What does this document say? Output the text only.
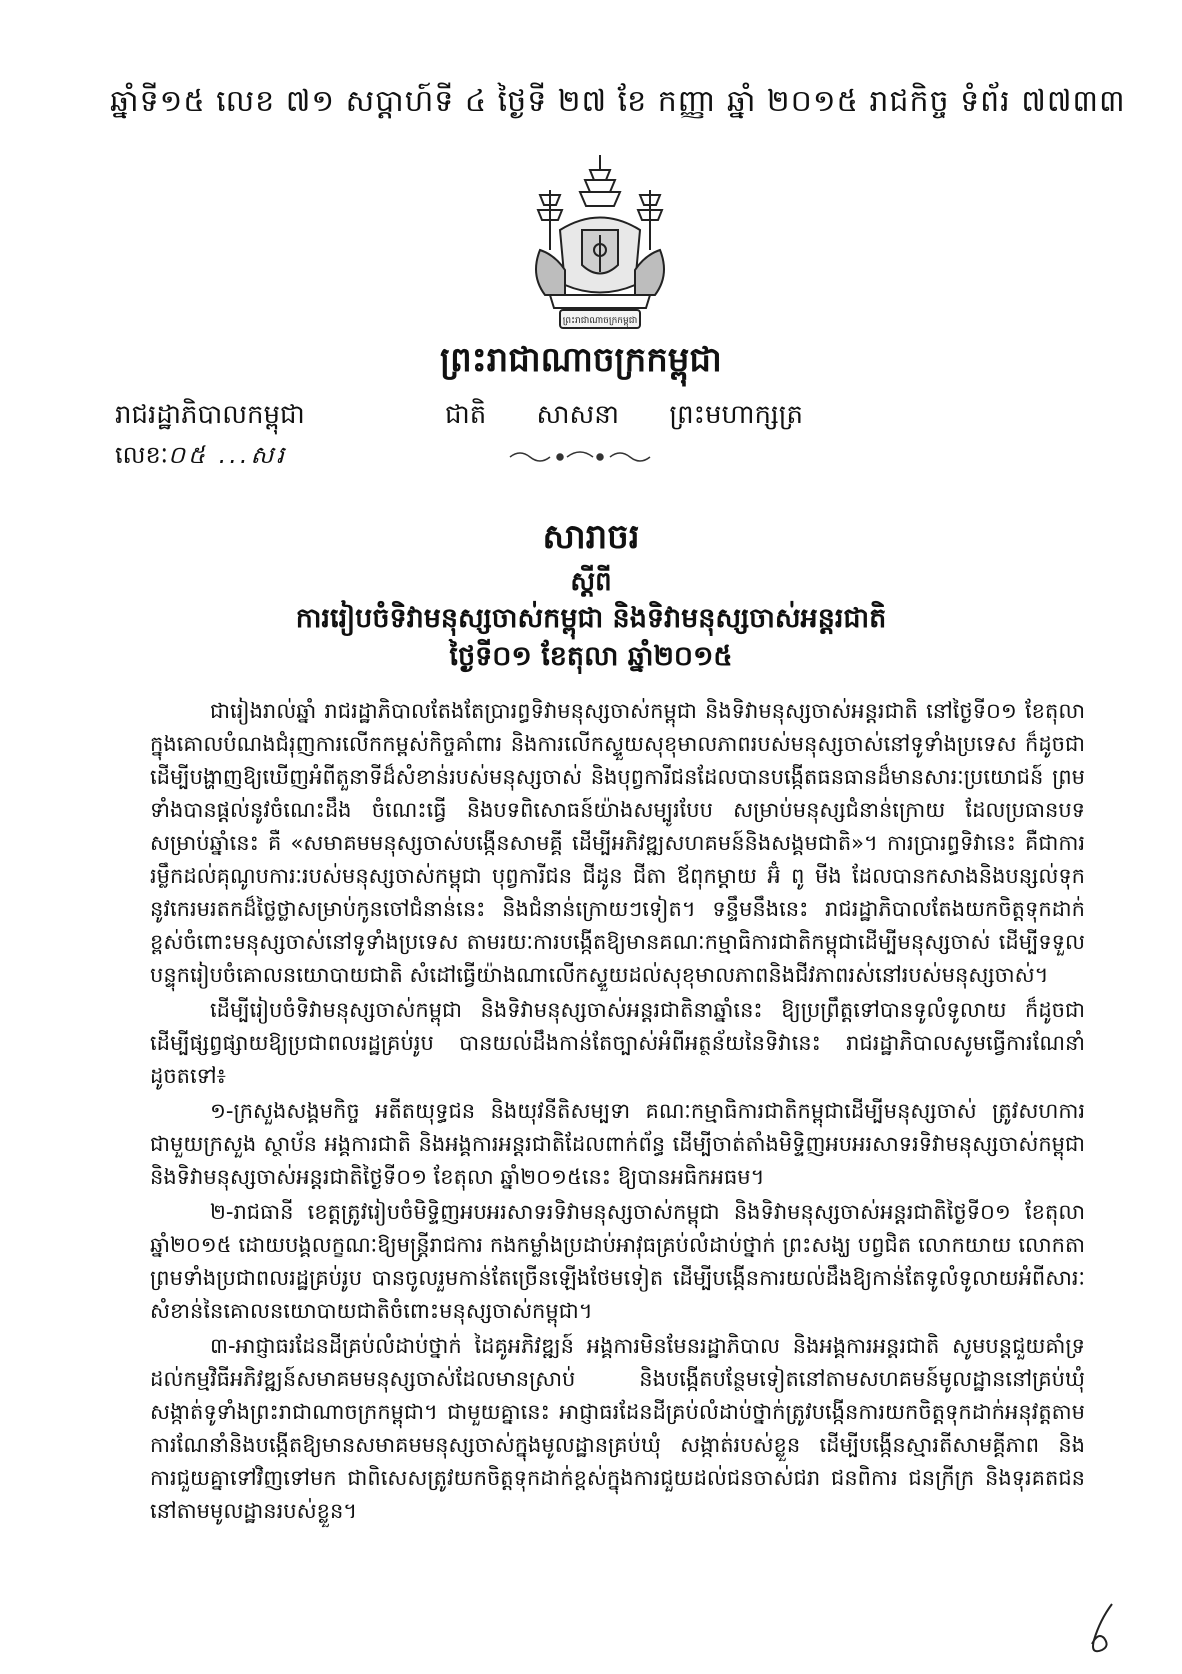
ឆ្នាំទី១៥ លេខ ៧១ សប្តាហ៍ទី ៤ ថ្ងៃទី ២៧ ខែ កញ្ញា ឆ្នាំ ២០១៥ រាជកិច្ច ទំព័រ ៧៧៣៣
ព្រះរាជាណាចក្រកម្ពុជា
ព្រះរាជាណាចក្រកម្ពុជា
ជាតិ សាសនា ព្រះមហាក្សត្រ
រាជរដ្ឋាភិបាលកម្ពុជា
លេខៈ០៥ ...សរ
សារាចរ
ស្តីពី
ការរៀបចំទិវាមនុស្សចាស់កម្ពុជា និងទិវាមនុស្សចាស់អន្តរជាតិ
ថ្ងៃទី០១ ខែតុលា ឆ្នាំ២០១៥

ជារៀងរាល់ឆ្នាំ រាជរដ្ឋាភិបាលតែងតែប្រារព្ធទិវាមនុស្សចាស់កម្ពុជា និងទិវាមនុស្សចាស់អន្តរជាតិ នៅថ្ងៃទី០១ ខែតុលា ក្នុងគោលបំណងជំរុញការលើកកម្ពស់កិច្ចគាំពារ និងការលើកស្ទួយសុខុមាលភាពរបស់មនុស្សចាស់នៅទូទាំងប្រទេស ក៏ដូចជាដើម្បីបង្ហាញឱ្យឃើញអំពីតួនាទីដ៏សំខាន់របស់មនុស្សចាស់ និងបុព្វការីជនដែលបានបង្កើតធនធានដ៏មានសារៈប្រយោជន៍ ព្រមទាំងបានផ្តល់នូវចំណេះដឹង ចំណេះធ្វើ និងបទពិសោធន៍យ៉ាងសម្បូរបែប សម្រាប់មនុស្សជំនាន់ក្រោយ ដែលប្រធានបទសម្រាប់ឆ្នាំនេះ គឺ «សមាគមមនុស្សចាស់បង្កើនសាមគ្គី ដើម្បីអភិវឌ្ឍសហគមន៍និងសង្គមជាតិ»។ ការប្រារព្ធទិវានេះ គឺជាការរម្លឹកដល់គុណូបការៈរបស់មនុស្សចាស់កម្ពុជា បុព្វការីជន ជីដូន ជីតា ឪពុកម្តាយ អ៊ំ ពូ មីង ដែលបានកសាងនិងបន្សល់ទុកនូវកេរមរតកដ៏ថ្លៃថ្លាសម្រាប់កូនចៅជំនាន់នេះ និងជំនាន់ក្រោយៗទៀត។ ទន្ទឹមនឹងនេះ រាជរដ្ឋាភិបាលតែងយកចិត្តទុកដាក់ខ្ពស់ចំពោះមនុស្សចាស់នៅទូទាំងប្រទេស តាមរយៈការបង្កើតឱ្យមានគណៈកម្មាធិការជាតិកម្ពុជាដើម្បីមនុស្សចាស់ ដើម្បីទទួលបន្ទុករៀបចំគោលនយោបាយជាតិ សំដៅធ្វើយ៉ាងណាលើកស្ទួយដល់សុខុមាលភាពនិងជីវភាពរស់នៅរបស់មនុស្សចាស់។

ដើម្បីរៀបចំទិវាមនុស្សចាស់កម្ពុជា និងទិវាមនុស្សចាស់អន្តរជាតិនាឆ្នាំនេះ ឱ្យប្រព្រឹត្តទៅបានទូលំទូលាយ ក៏ដូចជាដើម្បីផ្សព្វផ្សាយឱ្យប្រជាពលរដ្ឋគ្រប់រូប បានយល់ដឹងកាន់តែច្បាស់អំពីអត្ថន័យនៃទិវានេះ រាជរដ្ឋាភិបាលសូមធ្វើការណែនាំដូចតទៅ៖

១-ក្រសួងសង្គមកិច្ច អតីតយុទ្ធជន និងយុវនីតិសម្បទា គណៈកម្មាធិការជាតិកម្ពុជាដើម្បីមនុស្សចាស់ ត្រូវសហការជាមួយក្រសួង ស្ថាប័ន អង្គការជាតិ និងអង្គការអន្តរជាតិដែលពាក់ព័ន្ធ ដើម្បីចាត់តាំងមិទ្ទិញអបអរសាទរទិវាមនុស្សចាស់កម្ពុជា និងទិវាមនុស្សចាស់អន្តរជាតិថ្ងៃទី០១ ខែតុលា ឆ្នាំ២០១៥នេះ ឱ្យបានអធិកអធម។

២-រាជធានី ខេត្តត្រូវរៀបចំមិទ្ទិញអបអរសាទរទិវាមនុស្សចាស់កម្ពុជា និងទិវាមនុស្សចាស់អន្តរជាតិថ្ងៃទី០១ ខែតុលា ឆ្នាំ២០១៥ ដោយបង្គលក្ខណៈឱ្យមន្ត្រីរាជការ កងកម្លាំងប្រដាប់អាវុធគ្រប់លំដាប់ថ្នាក់ ព្រះសង្ឃ បព្វជិត លោកយាយ លោកតា ព្រមទាំងប្រជាពលរដ្ឋគ្រប់រូប បានចូលរួមកាន់តែច្រើនឡើងថែមទៀត ដើម្បីបង្កើនការយល់ដឹងឱ្យកាន់តែទូលំទូលាយអំពីសារៈសំខាន់នៃគោលនយោបាយជាតិចំពោះមនុស្សចាស់កម្ពុជា។

៣-អាជ្ញាធរដែនដីគ្រប់លំដាប់ថ្នាក់ ដៃគូអភិវឌ្ឍន៍ អង្គការមិនមែនរដ្ឋាភិបាល និងអង្គការអន្តរជាតិ សូមបន្តជួយគាំទ្រដល់កម្មវិធីអភិវឌ្ឍន៍សមាគមមនុស្សចាស់ដែលមានស្រាប់ និងបង្កើតបន្ថែមទៀតនៅតាមសហគមន៍មូលដ្ឋាននៅគ្រប់ឃុំ សង្កាត់ទូទាំងព្រះរាជាណាចក្រកម្ពុជា។ ជាមួយគ្នានេះ អាជ្ញាធរដែនដីគ្រប់លំដាប់ថ្នាក់ត្រូវបង្កើនការយកចិត្តទុកដាក់អនុវត្តតាមការណែនាំនិងបង្កើតឱ្យមានសមាគមមនុស្សចាស់ក្នុងមូលដ្ឋានគ្រប់ឃុំ សង្កាត់របស់ខ្លួន ដើម្បីបង្កើនស្មារតីសាមគ្គីភាព និងការជួយគ្នាទៅវិញទៅមក ជាពិសេសត្រូវយកចិត្តទុកដាក់ខ្ពស់ក្នុងការជួយដល់ជនចាស់ជរា ជនពិការ ជនក្រីក្រ និងទុរគតជន នៅតាមមូលដ្ឋានរបស់ខ្លួន។
